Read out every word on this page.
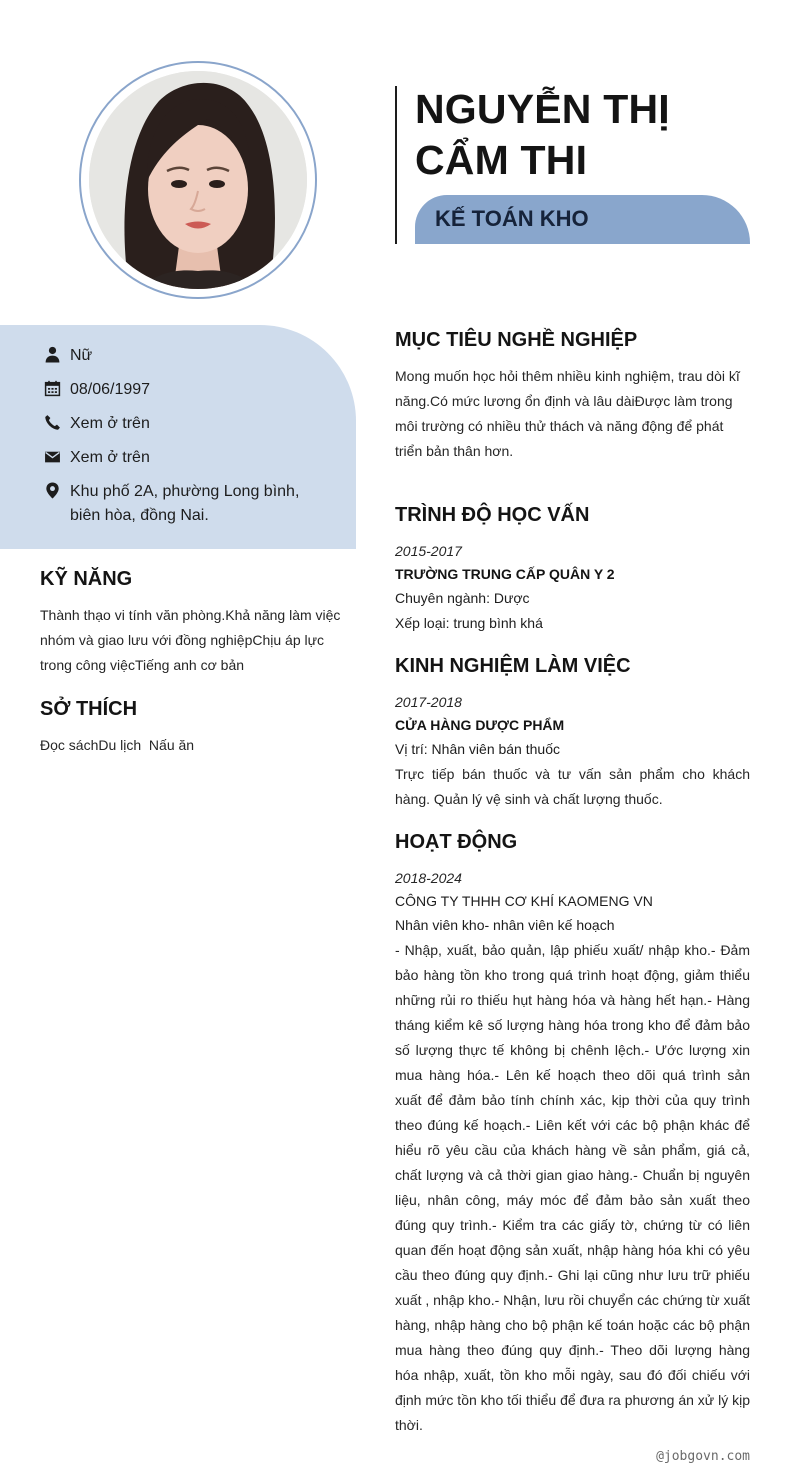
NGUYỄN THỊ CẨM THI
KẾ TOÁN KHO
Nữ
08/06/1997
Xem ở trên
Xem ở trên
Khu phố 2A, phường Long bình, biên hòa, đồng Nai.
KỸ NĂNG
Thành thạo vi tính văn phòng.Khả năng làm việc nhóm và giao lưu với đồng nghiệpChịu áp lực trong công việcTiếng anh cơ bản
SỞ THÍCH
Đọc sáchDu lịch  Nấu ăn
MỤC TIÊU NGHỀ NGHIỆP
Mong muốn học hỏi thêm nhiều kinh nghiệm, trau dòi kĩ năng.Có mức lương ổn định và lâu dàiĐược làm trong môi trường có nhiều thử thách và năng động để phát triển bản thân hơn.
TRÌNH ĐỘ HỌC VẤN
2015-2017
TRƯỜNG TRUNG CẤP QUÂN Y 2
Chuyên ngành: Dược
Xếp loại: trung bình khá
KINH NGHIỆM LÀM VIỆC
2017-2018
CỬA HÀNG DƯỢC PHẨM
Vị trí: Nhân viên bán thuốc
Trực tiếp bán thuốc và tư vấn sản phẩm cho khách hàng. Quản lý vệ sinh và chất lượng thuốc.
HOẠT ĐỘNG
2018-2024
CÔNG TY THHH CƠ KHÍ KAOMENG VN
Nhân viên kho- nhân viên kế hoạch
- Nhập, xuất, bảo quản, lập phiếu xuất/ nhập kho.- Đảm bảo hàng tồn kho trong quá trình hoạt động, giảm thiểu những rủi ro thiếu hụt hàng hóa và hàng hết hạn.- Hàng tháng kiểm kê số lượng hàng hóa trong kho để đảm bảo số lượng thực tế không bị chênh lệch.- Ước lượng xin mua hàng hóa.- Lên kế hoạch theo dõi quá trình sản xuất để đảm bảo tính chính xác, kịp thời của quy trình theo đúng kế hoạch.- Liên kết với các bộ phận khác để hiểu rõ yêu cầu của khách hàng về sản phẩm, giá cả, chất lượng và cả thời gian giao hàng.- Chuẩn bị nguyên liệu, nhân công, máy móc để đảm bảo sản xuất theo đúng quy trình.- Kiểm tra các giấy tờ, chứng từ có liên quan đến hoạt động sản xuất, nhập hàng hóa khi có yêu cầu theo đúng quy định.- Ghi lại cũng như lưu trữ phiếu xuất , nhập kho.- Nhận, lưu rồi chuyển các chứng từ xuất hàng, nhập hàng cho bộ phận kế toán hoặc các bộ phận mua hàng theo đúng quy định.- Theo dõi lượng hàng hóa nhập, xuất, tồn kho mỗi ngày, sau đó đối chiếu với định mức tồn kho tối thiểu để đưa ra phương án xử lý kịp thời.
@jobgovn.com
